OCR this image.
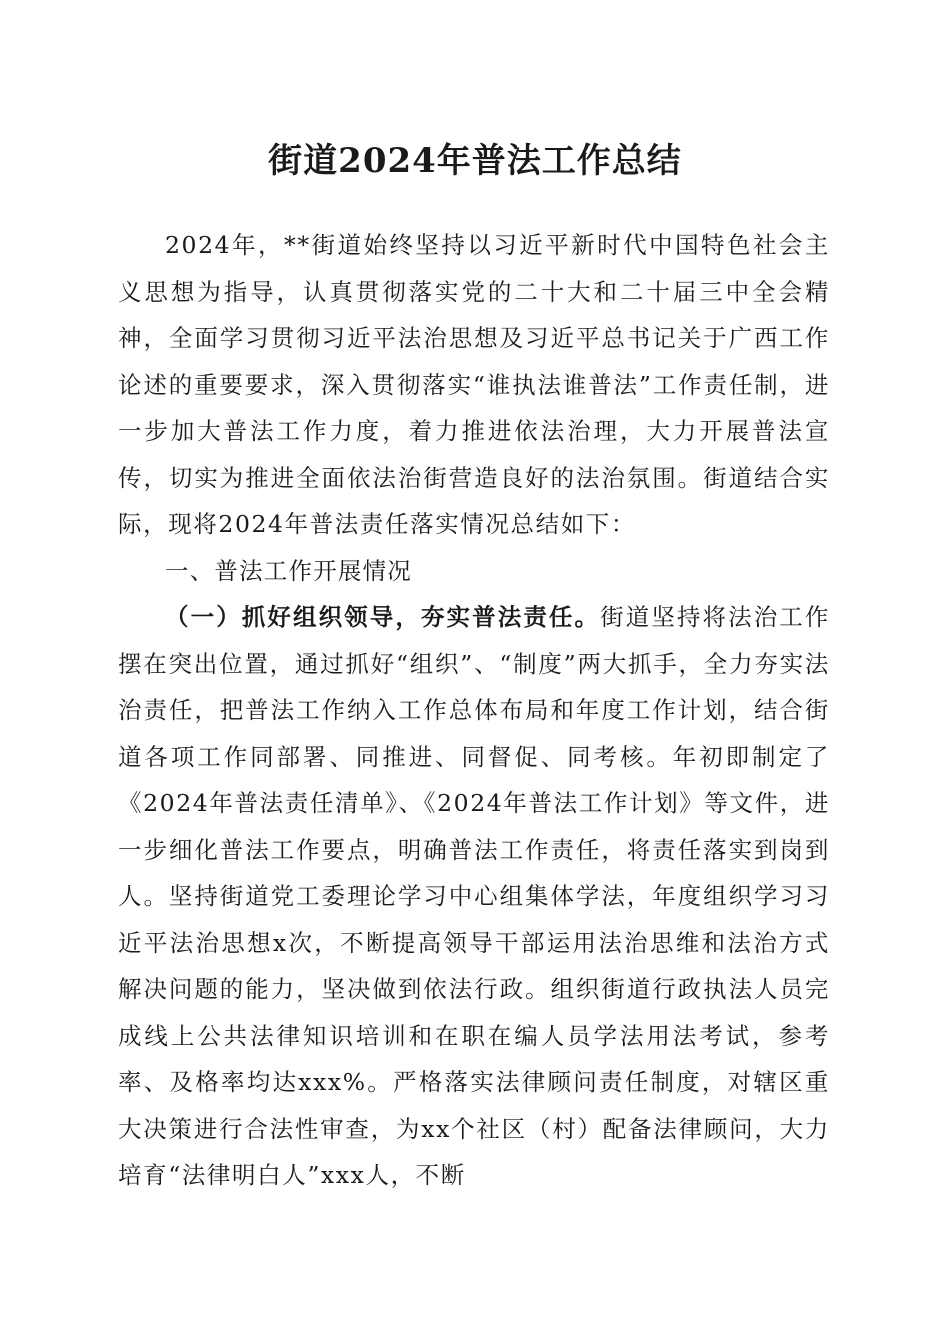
街道2024年普法工作总结

2024年，**街道始终坚持以习近平新时代中国特色社会主义思想为指导，认真贯彻落实党的二十大和二十届三中全会精神，全面学习贯彻习近平法治思想及习近平总书记关于广西工作论述的重要要求，深入贯彻落实“谁执法谁普法”工作责任制，进一步加大普法工作力度，着力推进依法治理，大力开展普法宣传，切实为推进全面依法治街营造良好的法治氛围。街道结合实际，现将2024年普法责任落实情况总结如下：

一、普法工作开展情况

（一）抓好组织领导，夯实普法责任。街道坚持将法治工作摆在突出位置，通过抓好“组织”、“制度”两大抓手，全力夯实法治责任，把普法工作纳入工作总体布局和年度工作计划，结合街道各项工作同部署、同推进、同督促、同考核。年初即制定了《2024年普法责任清单》、《2024年普法工作计划》等文件，进一步细化普法工作要点，明确普法工作责任，将责任落实到岗到人。坚持街道党工委理论学习中心组集体学法，年度组织学习习近平法治思想x次，不断提高领导干部运用法治思维和法治方式解决问题的能力，坚决做到依法行政。组织街道行政执法人员完成线上公共法律知识培训和在职在编人员学法用法考试，参考率、及格率均达xxx%。严格落实法律顾问责任制度，对辖区重大决策进行合法性审查，为xx个社区（村）配备法律顾问，大力培育“法律明白人”xxx人，不断
